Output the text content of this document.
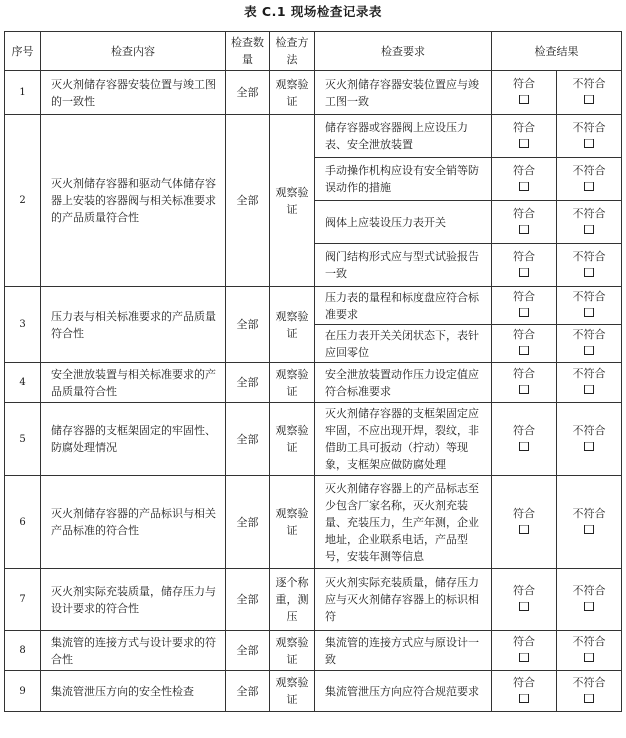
表 C.1 现场检查记录表
序号	检查内容	检查数量	检查方法	检查要求	检查结果	
1	灭火剂储存容器安装位置与竣工图的一致性	全部	观察验证	灭火剂储存容器安装位置应与竣工图一致	符合	不符合

2	灭火剂储存容器和驱动气体储存容器上安装的容器阀与相关标准要求的产品质量符合性	全部	观察验证	储存容器或容器阀上应设压力表、安全泄放装置	符合	不符合

				手动操作机构应设有安全销等防误动作的措施	符合	不符合

				阀体上应装设压力表开关	符合	不符合

				阀门结构形式应与型式试验报告一致	符合	不符合

3	压力表与相关标准要求的产品质量符合性	全部	观察验证	压力表的量程和标度盘应符合标准要求	符合	不符合

				在压力表开关关闭状态下，表针应回零位	符合	不符合

4	安全泄放装置与相关标准要求的产品质量符合性	全部	观察验证	安全泄放装置动作压力设定值应符合标准要求	符合	不符合

5	储存容器的支框架固定的牢固性、防腐处理情况	全部	观察验证	灭火剂储存容器的支框架固定应牢固，不应出现开焊，裂纹，非借助工具可扳动（拧动）等现象，支框架应做防腐处理	符合	不符合

6	灭火剂储存容器的产品标识与相关产品标准的符合性	全部	观察验证	灭火剂储存容器上的产品标志至少包含厂家名称，灭火剂充装量、充装压力，生产年测，企业地址，企业联系电话，产品型号，安装年测等信息	符合	不符合

7	灭火剂实际充装质量，储存压力与设计要求的符合性	全部	逐个称重，测压	灭火剂实际充装质量，储存压力应与灭火剂储存容器上的标识相符	符合	不符合

8	集流管的连接方式与设计要求的符合性	全部	观察验证	集流管的连接方式应与原设计一致	符合	不符合

9	集流管泄压方向的安全性检查	全部	观察验证	集流管泄压方向应符合规范要求	符合	不符合
